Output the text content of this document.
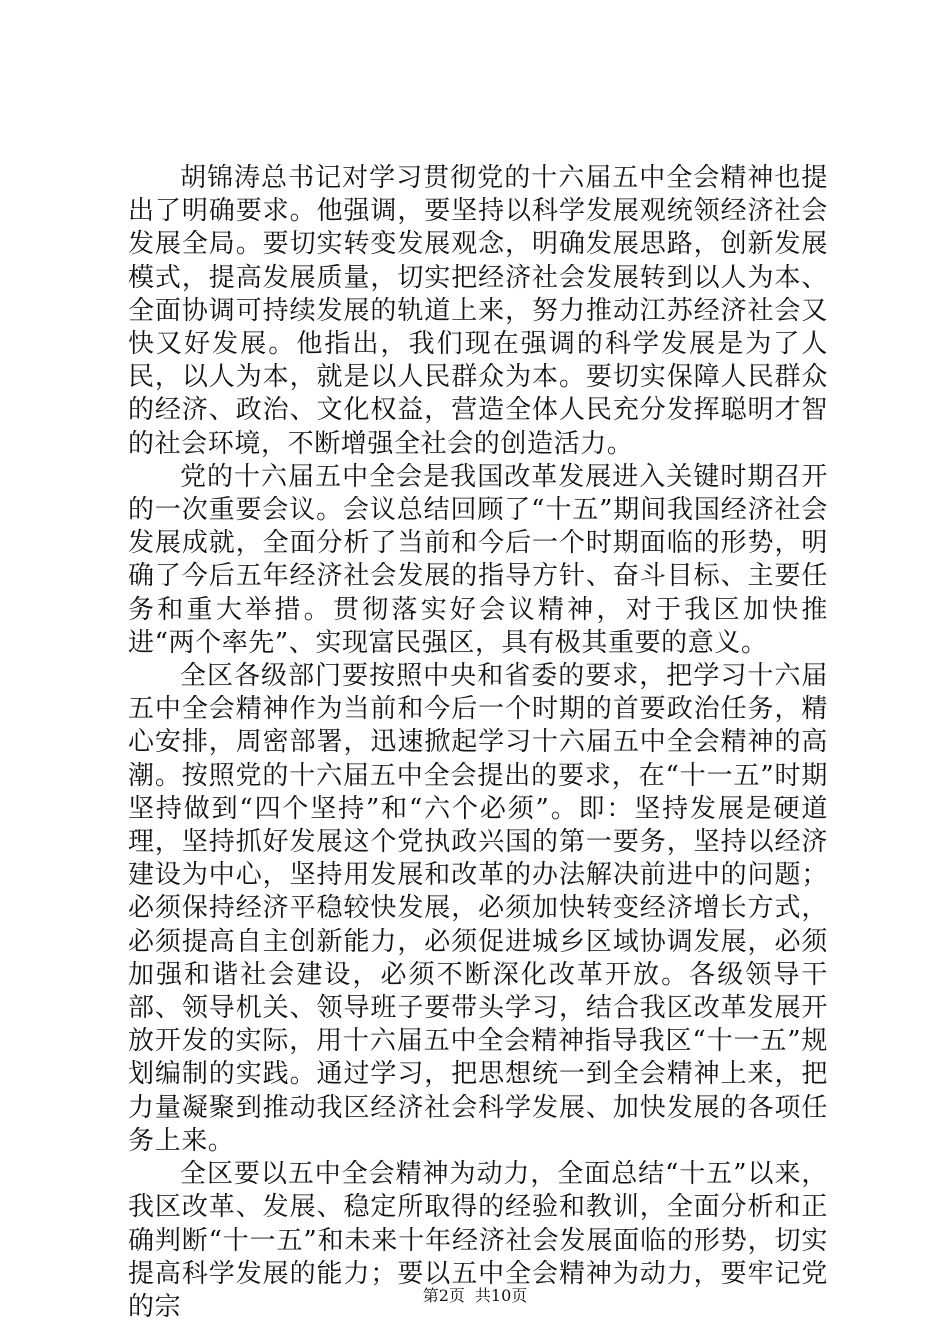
胡锦涛总书记对学习贯彻党的十六届五中全会精神也提出了明确要求。他强调，要坚持以科学发展观统领经济社会发展全局。要切实转变发展观念，明确发展思路，创新发展模式，提高发展质量，切实把经济社会发展转到以人为本、全面协调可持续发展的轨道上来，努力推动江苏经济社会又快又好发展。他指出，我们现在强调的科学发展是为了人民，以人为本，就是以人民群众为本。要切实保障人民群众的经济、政治、文化权益，营造全体人民充分发挥聪明才智的社会环境，不断增强全社会的创造活力。

党的十六届五中全会是我国改革发展进入关键时期召开的一次重要会议。会议总结回顾了“十五”期间我国经济社会发展成就，全面分析了当前和今后一个时期面临的形势，明确了今后五年经济社会发展的指导方针、奋斗目标、主要任务和重大举措。贯彻落实好会议精神，对于我区加快推进“两个率先”、实现富民强区，具有极其重要的意义。

全区各级部门要按照中央和省委的要求，把学习十六届五中全会精神作为当前和今后一个时期的首要政治任务，精心安排，周密部署，迅速掀起学习十六届五中全会精神的高潮。按照党的十六届五中全会提出的要求，在“十一五”时期坚持做到“四个坚持”和“六个必须”。即：坚持发展是硬道理，坚持抓好发展这个党执政兴国的第一要务，坚持以经济建设为中心，坚持用发展和改革的办法解决前进中的问题；必须保持经济平稳较快发展，必须加快转变经济增长方式，必须提高自主创新能力，必须促进城乡区域协调发展，必须加强和谐社会建设，必须不断深化改革开放。各级领导干部、领导机关、领导班子要带头学习，结合我区改革发展开放开发的实际，用十六届五中全会精神指导我区“十一五”规划编制的实践。通过学习，把思想统一到全会精神上来，把力量凝聚到推动我区经济社会科学发展、加快发展的各项任务上来。

全区要以五中全会精神为动力，全面总结“十五”以来，我区改革、发展、稳定所取得的经验和教训，全面分析和正确判断“十一五”和未来十年经济社会发展面临的形势，切实提高科学发展的能力；要以五中全会精神为动力，要牢记党的宗	第2页 共10页
